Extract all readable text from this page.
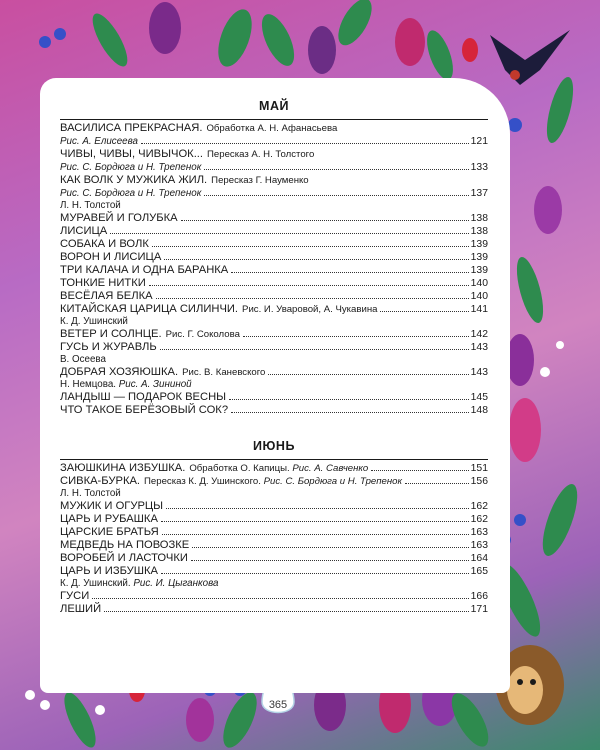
МАЙ
ВАСИЛИСА ПРЕКРАСНАЯ. Обработка А. Н. Афанасьева
Рис. А. Елисеева	121
ЧИВЫ, ЧИВЫ, ЧИВЫЧОК... Пересказ А. Н. Толстого
Рис. С. Бордюга и Н. Трепенок	133
КАК ВОЛК У МУЖИКА ЖИЛ. Пересказ Г. Науменко
Рис. С. Бордюга и Н. Трепенок	137
Л. Н. Толстой
МУРАВЕЙ И ГОЛУБКА	138
ЛИСИЦА	138
СОБАКА И ВОЛК	139
ВОРОН И ЛИСИЦА	139
ТРИ КАЛАЧА И ОДНА БАРАНКА	139
ТОНКИЕ НИТКИ	140
ВЕСЁЛАЯ БЕЛКА	140
КИТАЙСКАЯ ЦАРИЦА СИЛИНЧИ. Рис. И. Уваровой, А. Чукавина	141
К. Д. Ушинский
ВЕТЕР И СОЛНЦЕ. Рис. Г. Соколова	142
ГУСЬ И ЖУРАВЛЬ	143
В. Осеева
ДОБРАЯ ХОЗЯЮШКА. Рис. В. Каневского	143
Н. Немцова. Рис. А. Зининой
ЛАНДЫШ — ПОДАРОК ВЕСНЫ	145
ЧТО ТАКОЕ БЕРЁЗОВЫЙ СОК?	148
ИЮНЬ
ЗАЮШКИНА ИЗБУШКА. Обработка О. Капицы. Рис. А. Савченко	151
СИВКА-БУРКА. Пересказ К. Д. Ушинского. Рис. С. Бордюга и Н. Трепенок	156
Л. Н. Толстой
МУЖИК И ОГУРЦЫ	162
ЦАРЬ И РУБАШКА	162
ЦАРСКИЕ БРАТЬЯ	163
МЕДВЕДЬ НА ПОВОЗКЕ	163
ВОРОБЕЙ И ЛАСТОЧКИ	164
ЦАРЬ И ИЗБУШКА	165
К. Д. Ушинский. Рис. И. Цыганкова
ГУСИ	166
ЛЕШИЙ	171
365
